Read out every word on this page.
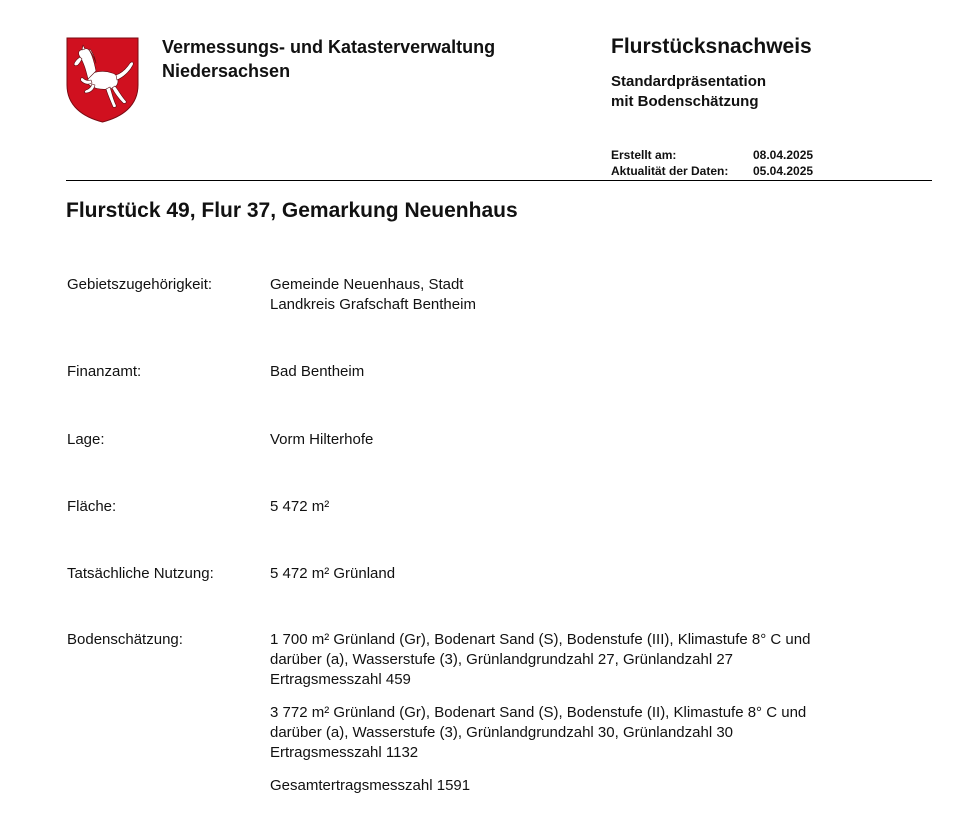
Vermessungs- und Katasterverwaltung
Niedersachsen
Flurstücksnachweis
Standardpräsentation
mit Bodenschätzung
Erstellt am:	08.04.2025
Aktualität der Daten:	05.04.2025
Flurstück 49, Flur 37, Gemarkung Neuenhaus
Gebietszugehörigkeit:	Gemeinde Neuenhaus, Stadt
Landkreis Grafschaft Bentheim
Finanzamt:	Bad Bentheim
Lage:	Vorm Hilterhofe
Fläche:	5 472 m²
Tatsächliche Nutzung:	5 472 m² Grünland
Bodenschätzung:	1 700 m² Grünland (Gr), Bodenart Sand (S), Bodenstufe (III), Klimastufe 8° C und
darüber (a), Wasserstufe (3), Grünlandgrundzahl 27, Grünlandzahl 27
Ertragsmesszahl 459
3 772 m² Grünland (Gr), Bodenart Sand (S), Bodenstufe (II), Klimastufe 8° C und
darüber (a), Wasserstufe (3), Grünlandgrundzahl 30, Grünlandzahl 30
Ertragsmesszahl 1132
Gesamtertragsmesszahl 1591
